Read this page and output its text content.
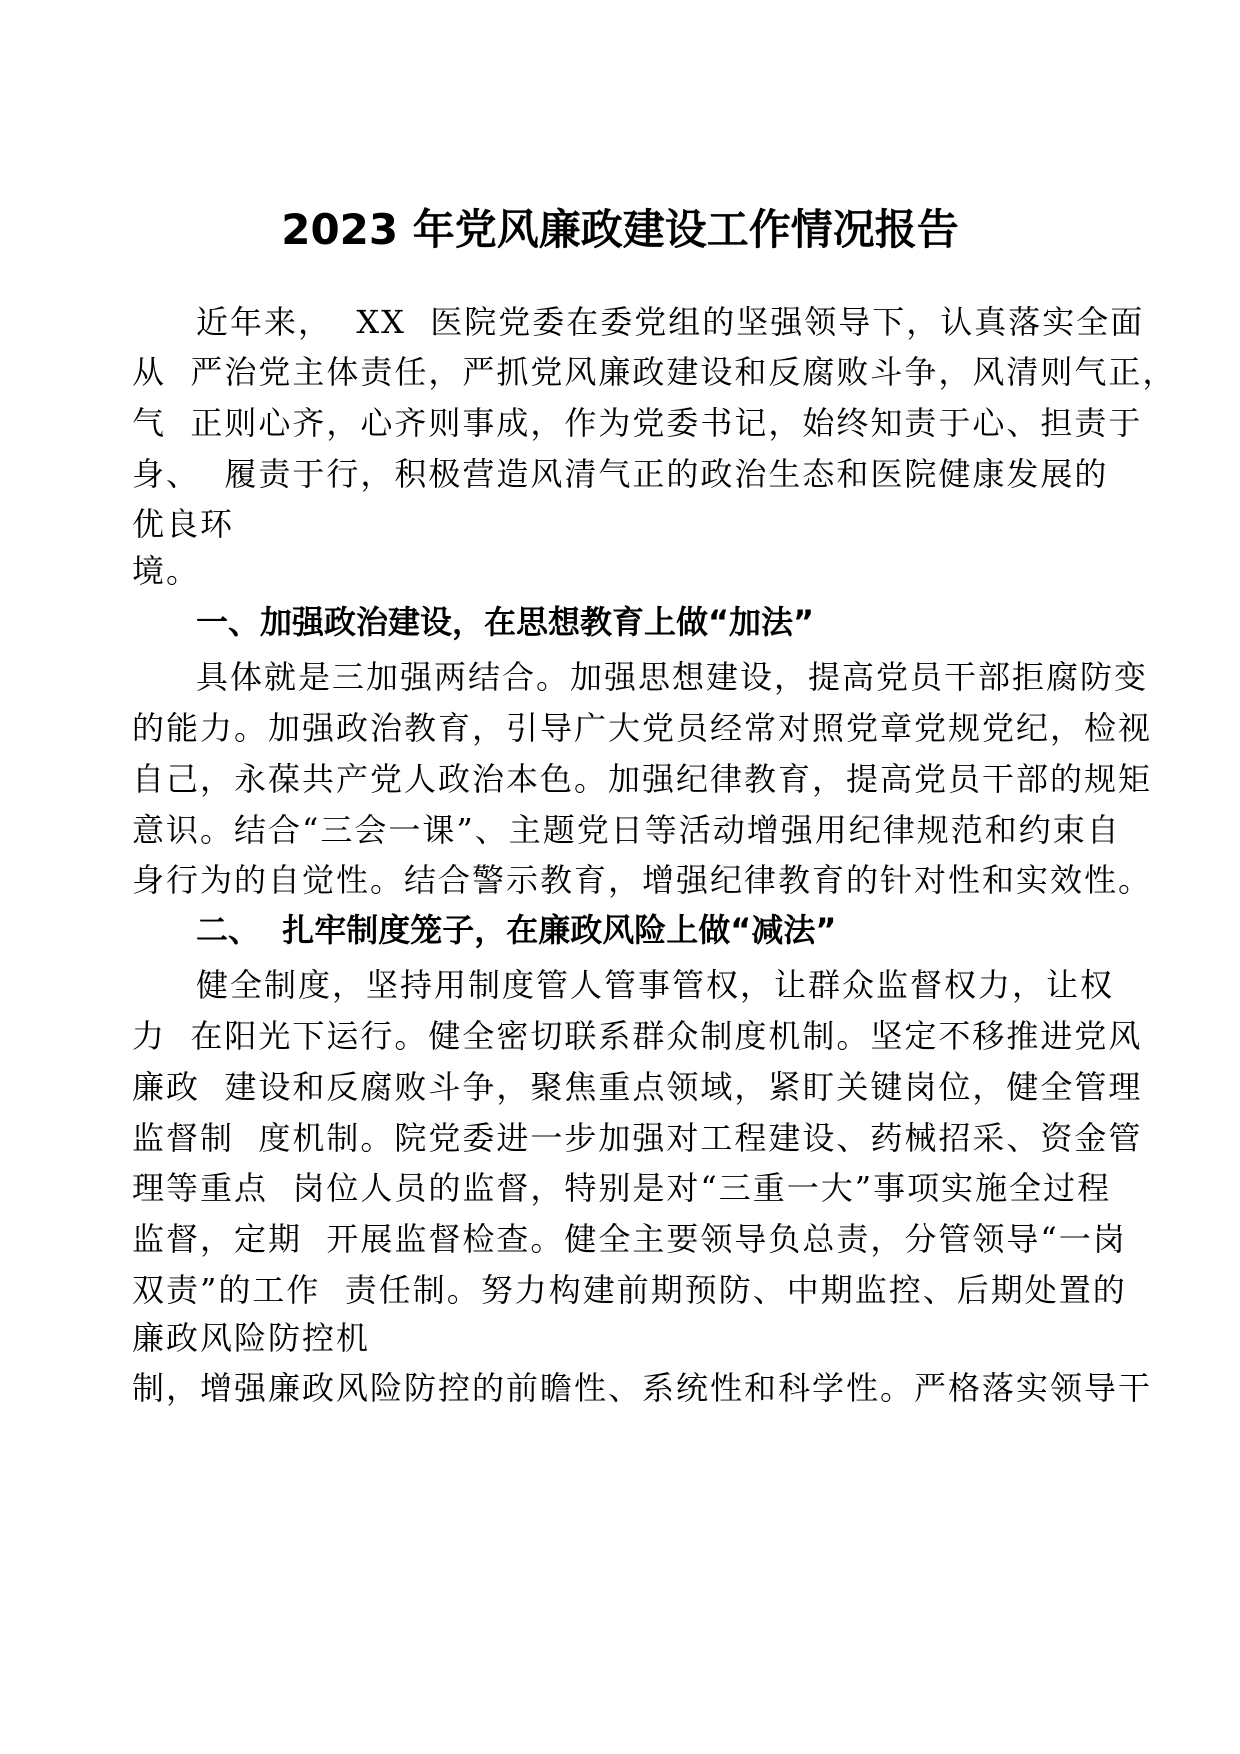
2023 年党风廉政建设工作情况报告

近年来，  XX  医院党委在委党组的坚强领导下，认真落实全面

从  严治党主体责任，严抓党风廉政建设和反腐败斗争，风清则气正，

气  正则心齐，心齐则事成，作为党委书记，始终知责于心、担责于

身、  履责于行，积极营造风清气正的政治生态和医院健康发展的

优良环

境。

一、加强政治建设，在思想教育上做“加法”

具体就是三加强两结合。加强思想建设，提高党员干部拒腐防变

的能力。加强政治教育，引导广大党员经常对照党章党规党纪，检视

自己，永葆共产党人政治本色。加强纪律教育，提高党员干部的规矩

意识。结合“三会一课”、主题党日等活动增强用纪律规范和约束自

身行为的自觉性。结合警示教育，增强纪律教育的针对性和实效性。

二、  扎牢制度笼子，在廉政风险上做“减法”

健全制度，坚持用制度管人管事管权，让群众监督权力，让权

力  在阳光下运行。健全密切联系群众制度机制。坚定不移推进党风

廉政  建设和反腐败斗争，聚焦重点领域，紧盯关键岗位，健全管理

监督制  度机制。院党委进一步加强对工程建设、药械招采、资金管

理等重点  岗位人员的监督，特别是对“三重一大”事项实施全过程

监督，定期  开展监督检查。健全主要领导负总责，分管领导“一岗

双责”的工作  责任制。努力构建前期预防、中期监控、后期处置的

廉政风险防控机

制，增强廉政风险防控的前瞻性、系统性和科学性。严格落实领导干
